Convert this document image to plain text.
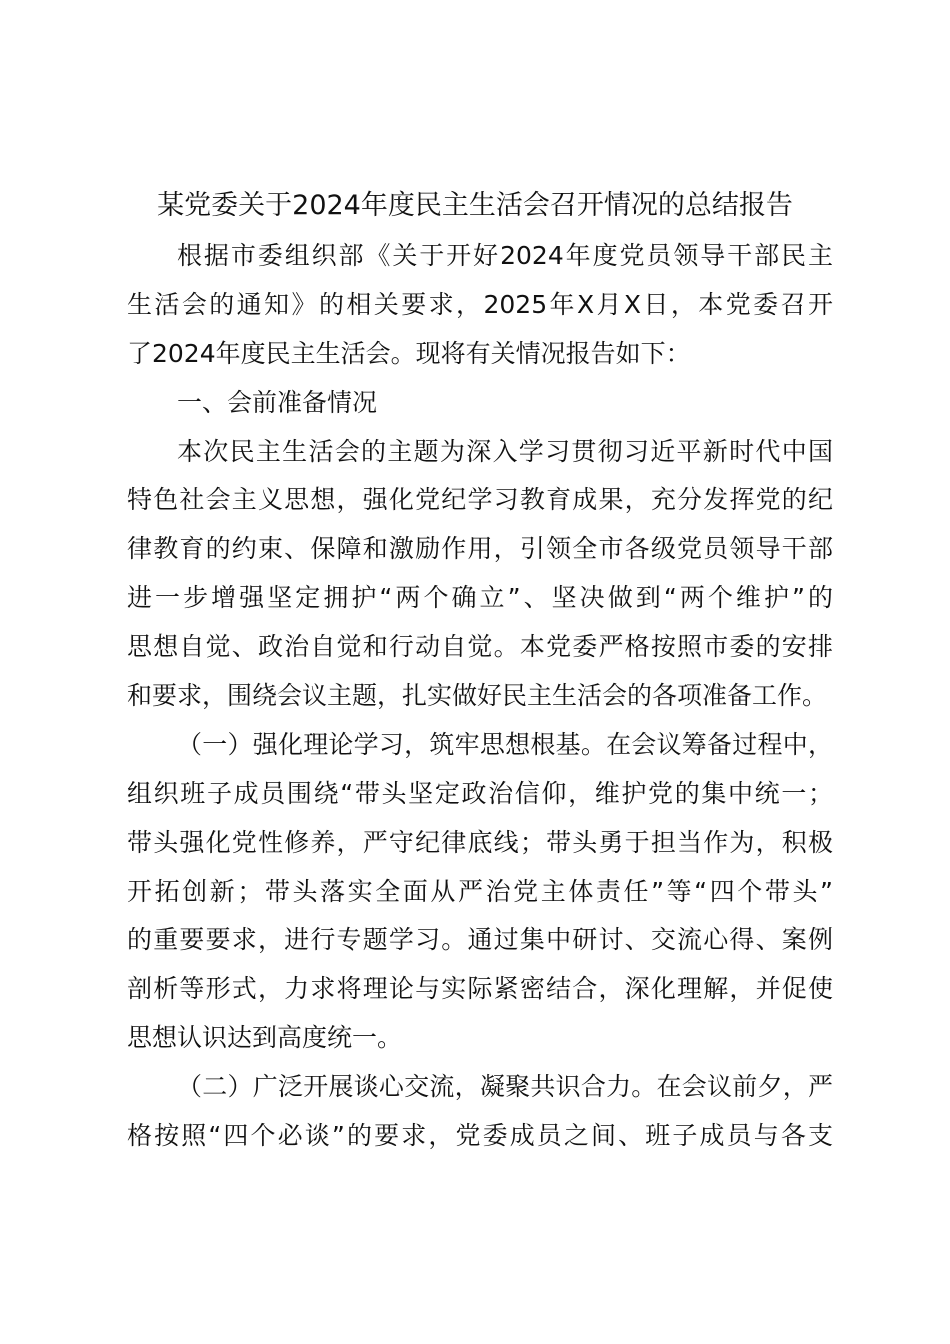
某党委关于2024年度民主生活会召开情况的总结报告
根据市委组织部《关于开好2024年度党员领导干部民主
生活会的通知》的相关要求，2025年X月X日，本党委召开
了2024年度民主生活会。现将有关情况报告如下：
一、会前准备情况
本次民主生活会的主题为深入学习贯彻习近平新时代中国
特色社会主义思想，强化党纪学习教育成果，充分发挥党的纪
律教育的约束、保障和激励作用，引领全市各级党员领导干部
进一步增强坚定拥护“两个确立”、坚决做到“两个维护”的
思想自觉、政治自觉和行动自觉。本党委严格按照市委的安排
和要求，围绕会议主题，扎实做好民主生活会的各项准备工作。
（一）强化理论学习，筑牢思想根基。在会议筹备过程中，
组织班子成员围绕“带头坚定政治信仰，维护党的集中统一；
带头强化党性修养，严守纪律底线；带头勇于担当作为，积极
开拓创新；带头落实全面从严治党主体责任”等“四个带头”
的重要要求，进行专题学习。通过集中研讨、交流心得、案例
剖析等形式，力求将理论与实际紧密结合，深化理解，并促使
思想认识达到高度统一。
（二）广泛开展谈心交流，凝聚共识合力。在会议前夕，严
格按照“四个必谈”的要求，党委成员之间、班子成员与各支
